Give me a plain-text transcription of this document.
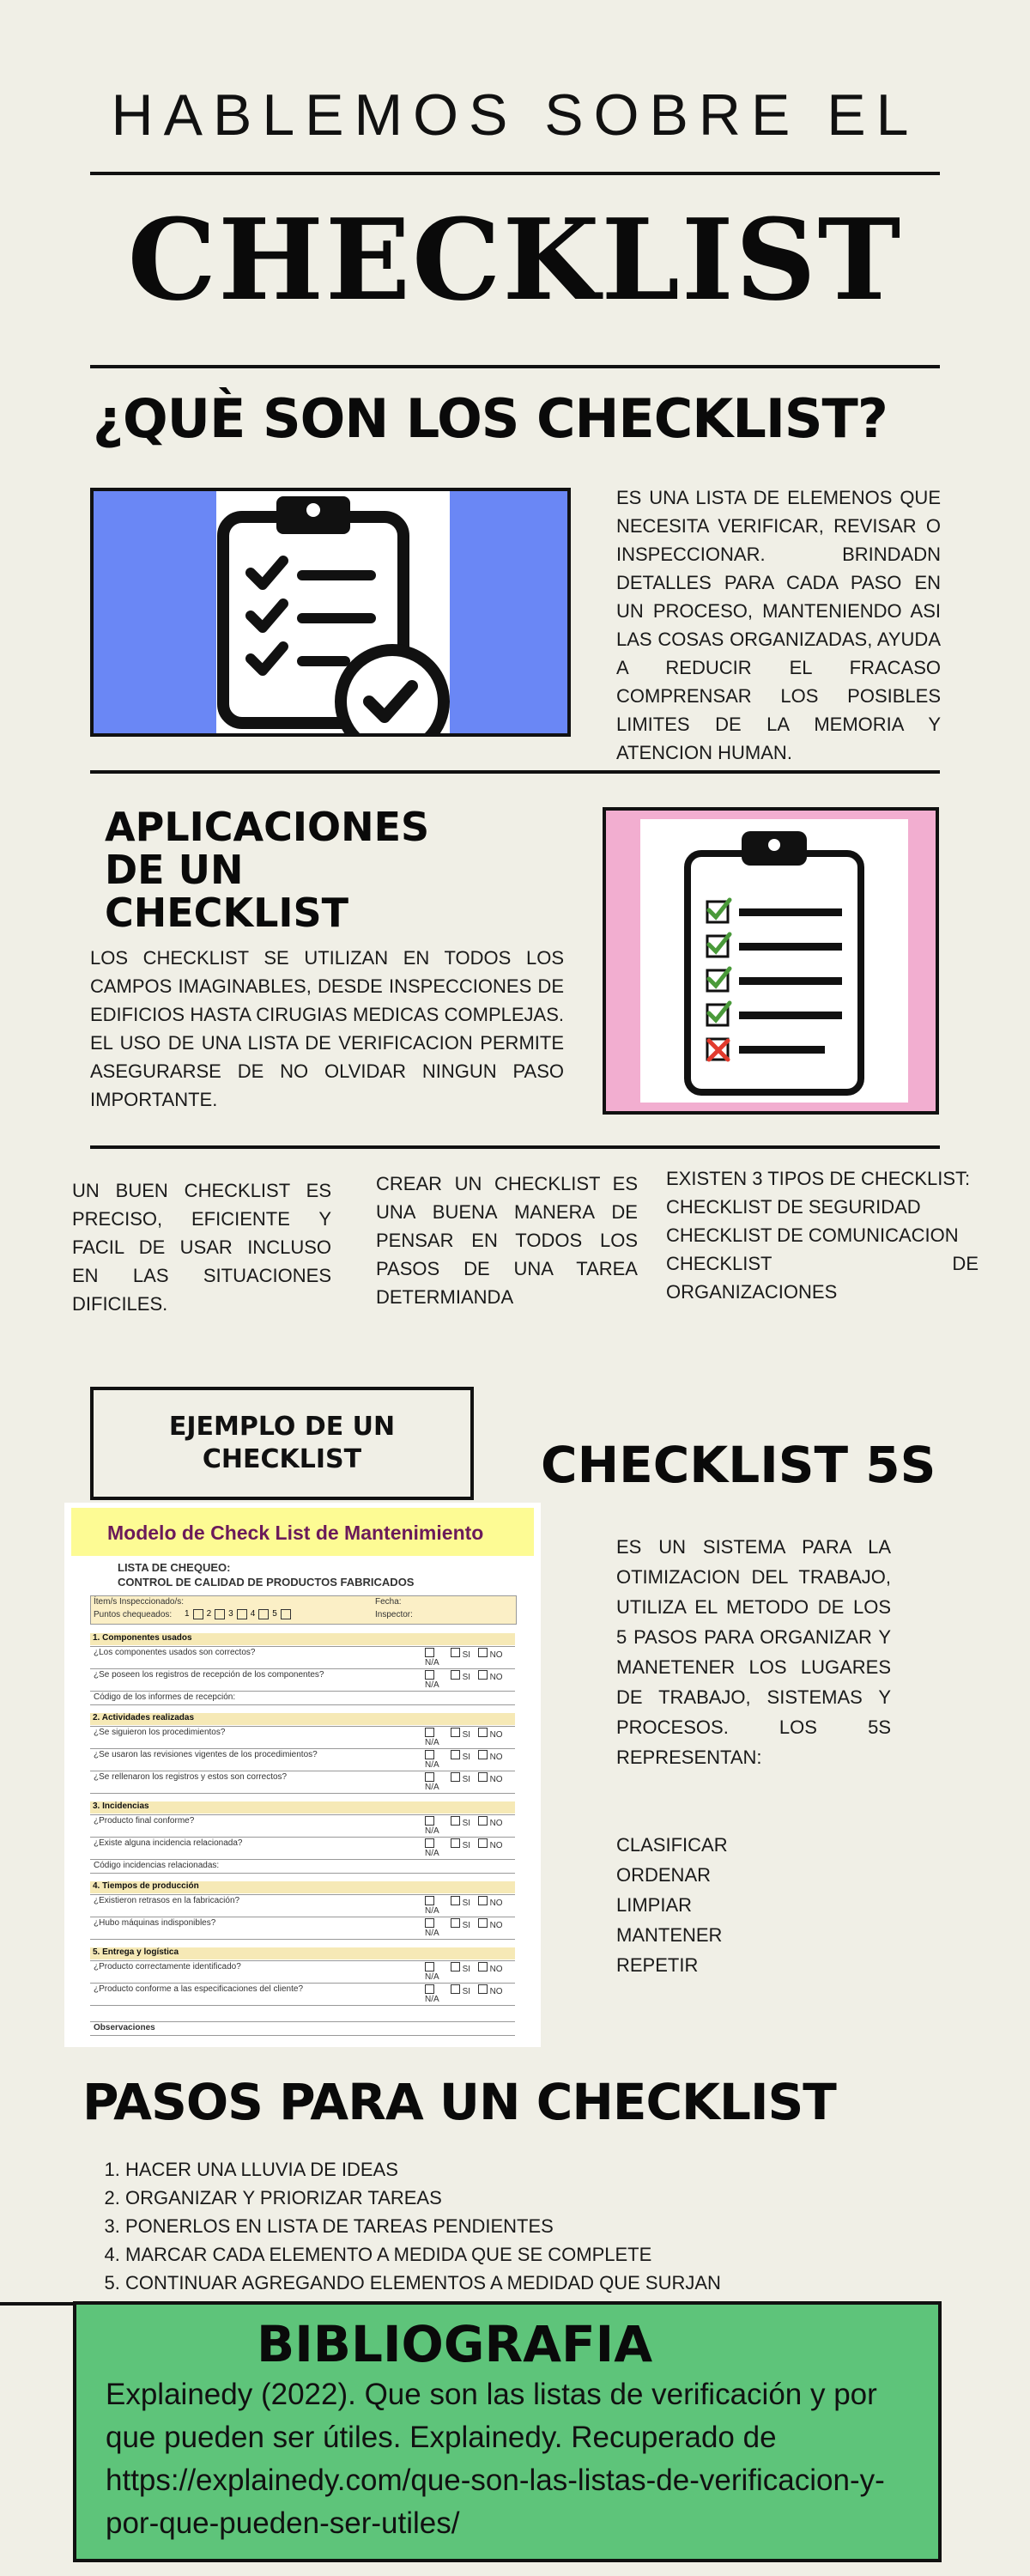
HABLEMOS SOBRE EL
CHECKLIST
¿QUÈ SON LOS CHECKLIST?
ES UNA LISTA DE ELEMENOS QUE NECESITA VERIFICAR, REVISAR O INSPECCIONAR. BRINDADN DETALLES PARA CADA PASO EN UN PROCESO, MANTENIENDO ASI LAS COSAS ORGANIZADAS, AYUDA A REDUCIR EL FRACASO COMPRENSAR LOS POSIBLES LIMITES DE LA MEMORIA Y ATENCION HUMAN.
APLICACIONES
DE UN
CHECKLIST
LOS CHECKLIST SE UTILIZAN EN TODOS LOS CAMPOS IMAGINABLES, DESDE INSPECCIONES DE EDIFICIOS HASTA CIRUGIAS MEDICAS COMPLEJAS. EL USO DE UNA LISTA DE VERIFICACION PERMITE ASEGURARSE DE NO OLVIDAR NINGUN PASO IMPORTANTE.
UN BUEN CHECKLIST ES PRECISO, EFICIENTE Y FACIL DE USAR INCLUSO EN LAS SITUACIONES DIFICILES.
CREAR UN CHECKLIST ES UNA BUENA MANERA DE PENSAR EN TODOS LOS PASOS DE UNA TAREA DETERMIANDA
EXISTEN 3 TIPOS DE CHECKLIST:
CHECKLIST DE SEGURIDAD
CHECKLIST DE COMUNICACION
CHECKLIST DE ORGANIZACIONES
EJEMPLO DE UN
CHECKLIST
Modelo de Check List de Mantenimiento
LISTA DE CHEQUEO:
CONTROL DE CALIDAD DE PRODUCTOS FABRICADOS
Ítem/s Inspeccionado/s:
Puntos chequeados:
Fecha:
Inspector:
1 2 3 4 5
1. Componentes usados
¿Los componentes usados son correctos?	SI NO
N/A
¿Se poseen los registros de recepción de los componentes?	SI NO
N/A
Código de los informes de recepción:
2. Actividades realizadas
¿Se siguieron los procedimientos?	SI NO
N/A
¿Se usaron las revisiones vigentes de los procedimientos?	SI NO
N/A
¿Se rellenaron los registros y estos son correctos?	SI NO
N/A
3. Incidencias
¿Producto final conforme?	SI NO
N/A
¿Existe alguna incidencia relacionada?	SI NO
N/A
Código incidencias relacionadas:
4. Tiempos de producción
¿Existieron retrasos en la fabricación?	SI NO
N/A
¿Hubo máquinas indisponibles?	SI NO
N/A
5. Entrega y logística
¿Producto correctamente identificado?	SI NO
N/A
¿Producto conforme a las especificaciones del cliente?	SI NO
N/A
Observaciones
CHECKLIST 5S
ES UN SISTEMA PARA LA OTIMIZACION DEL TRABAJO, UTILIZA EL METODO DE LOS 5 PASOS PARA ORGANIZAR Y MANETENER LOS LUGARES DE TRABAJO, SISTEMAS Y PROCESOS. LOS 5S REPRESENTAN:
CLASIFICAR
ORDENAR
LIMPIAR
MANTENER
REPETIR
PASOS PARA UN CHECKLIST
1. HACER UNA LLUVIA DE IDEAS
2. ORGANIZAR Y PRIORIZAR TAREAS
3. PONERLOS EN LISTA DE TAREAS PENDIENTES
4. MARCAR CADA ELEMENTO A MEDIDA QUE SE COMPLETE
5. CONTINUAR AGREGANDO ELEMENTOS A MEDIDAD QUE SURJAN
BIBLIOGRAFIA
Explainedy (2022). Que son las listas de verificación y por que pueden ser útiles. Explainedy. Recuperado de https://explainedy.com/que-son-las-listas-de-verificacion-y-por-que-pueden-ser-utiles/
